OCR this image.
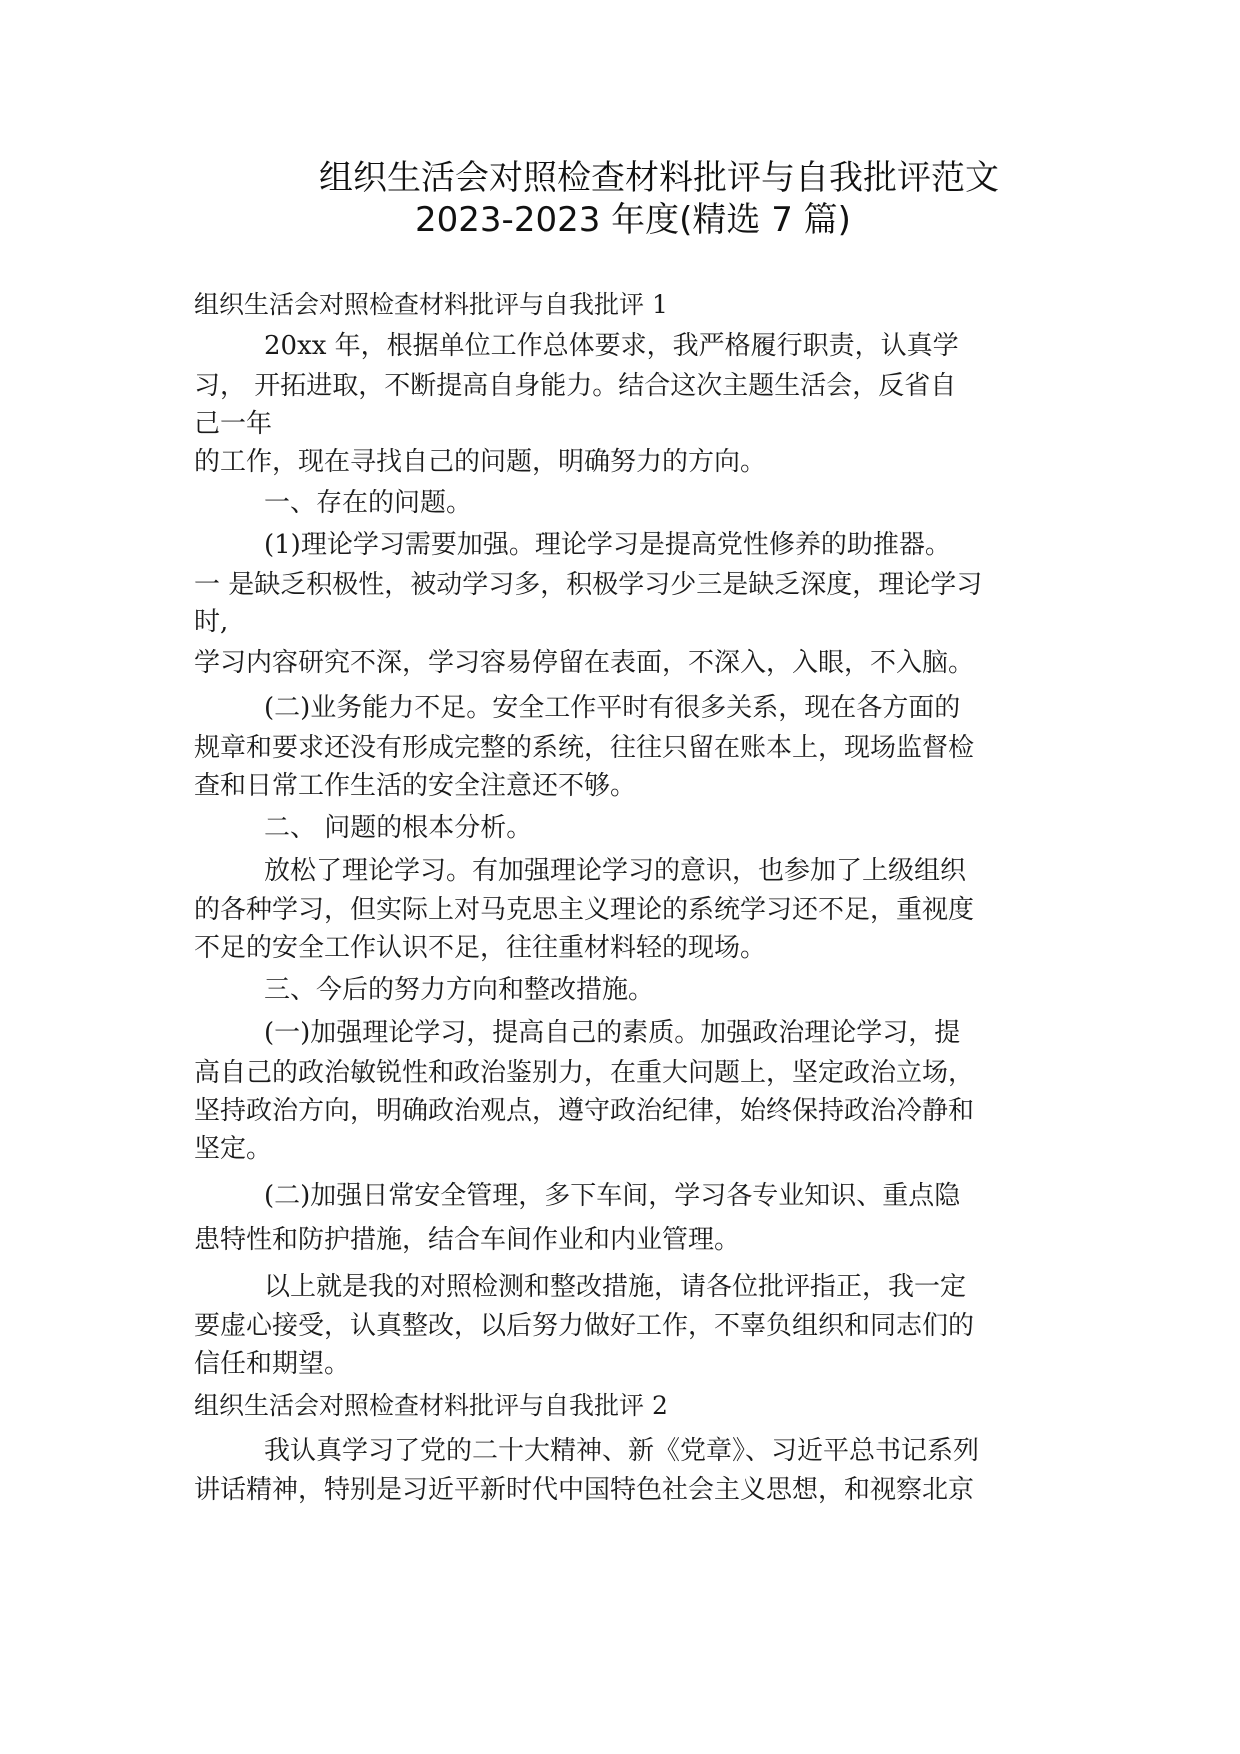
组织生活会对照检查材料批评与自我批评范文
2023-2023 年度(精选 7 篇)

组织生活会对照检查材料批评与自我批评 1

20xx 年，根据单位工作总体要求，我严格履行职责，认真学

习， 开拓进取，不断提高自身能力。结合这次主题生活会，反省自

己一年

的工作，现在寻找自己的问题，明确努力的方向。

一、存在的问题。

(1)理论学习需要加强。理论学习是提高党性修养的助推器。

一 是缺乏积极性，被动学习多，积极学习少三是缺乏深度，理论学习

时,

学习内容研究不深，学习容易停留在表面，不深入，入眼，不入脑。

(二)业务能力不足。安全工作平时有很多关系，现在各方面的

规章和要求还没有形成完整的系统，往往只留在账本上，现场监督检

查和日常工作生活的安全注意还不够。

二、 问题的根本分析。

放松了理论学习。有加强理论学习的意识，也参加了上级组织

的各种学习，但实际上对马克思主义理论的系统学习还不足，重视度

不足的安全工作认识不足，往往重材料轻的现场。

三、今后的努力方向和整改措施。

(一)加强理论学习，提高自己的素质。加强政治理论学习，提

高自己的政治敏锐性和政治鉴别力，在重大问题上，坚定政治立场，

坚持政治方向，明确政治观点，遵守政治纪律，始终保持政治冷静和

坚定。

(二)加强日常安全管理，多下车间，学习各专业知识、重点隐

患特性和防护措施，结合车间作业和内业管理。

以上就是我的对照检测和整改措施，请各位批评指正，我一定

要虚心接受，认真整改，以后努力做好工作，不辜负组织和同志们的

信任和期望。

组织生活会对照检查材料批评与自我批评 2

我认真学习了党的二十大精神、新《党章》、习近平总书记系列

讲话精神，特别是习近平新时代中国特色社会主义思想，和视察北京
